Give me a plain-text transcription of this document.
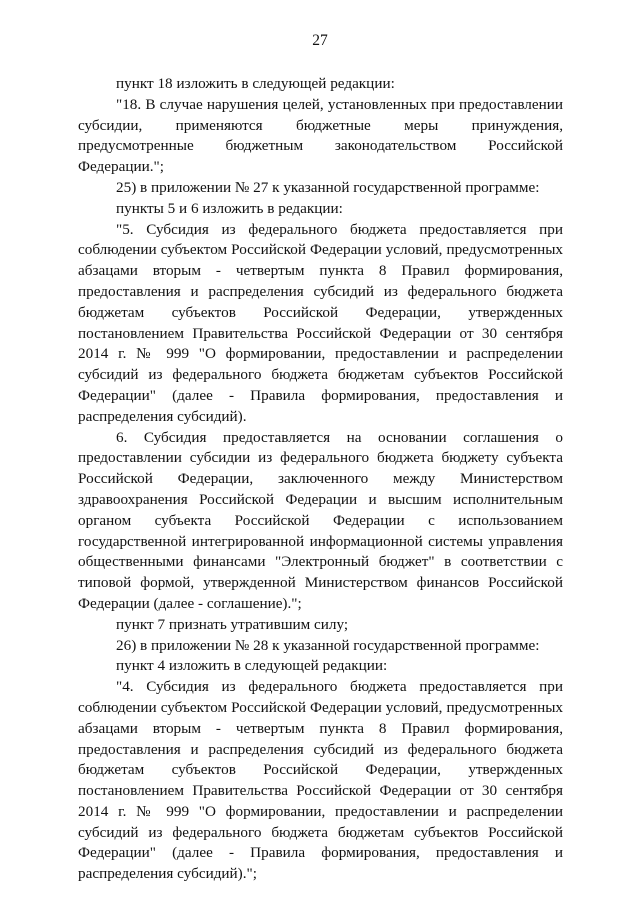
27

пункт 18 изложить в следующей редакции:

"18. В случае нарушения целей, установленных при предоставлении субсидии, применяются бюджетные меры принуждения, предусмотренные бюджетным законодательством Российской Федерации.";

25) в приложении № 27 к указанной государственной программе:

пункты 5 и 6 изложить в редакции:

"5. Субсидия из федерального бюджета предоставляется при соблюдении субъектом Российской Федерации условий, предусмотренных абзацами вторым - четвертым пункта 8 Правил формирования, предоставления и распределения субсидий из федерального бюджета бюджетам субъектов Российской Федерации, утвержденных постановлением Правительства Российской Федерации от 30 сентября 2014 г. № 999 "О формировании, предоставлении и распределении субсидий из федерального бюджета бюджетам субъектов Российской Федерации" (далее - Правила формирования, предоставления и распределения субсидий).

6. Субсидия предоставляется на основании соглашения о предоставлении субсидии из федерального бюджета бюджету субъекта Российской Федерации, заключенного между Министерством здравоохранения Российской Федерации и высшим исполнительным органом субъекта Российской Федерации с использованием государственной интегрированной информационной системы управления общественными финансами "Электронный бюджет" в соответствии с типовой формой, утвержденной Министерством финансов Российской Федерации (далее - соглашение).";

пункт 7 признать утратившим силу;

26) в приложении № 28 к указанной государственной программе:

пункт 4 изложить в следующей редакции:

"4. Субсидия из федерального бюджета предоставляется при соблюдении субъектом Российской Федерации условий, предусмотренных абзацами вторым - четвертым пункта 8 Правил формирования, предоставления и распределения субсидий из федерального бюджета бюджетам субъектов Российской Федерации, утвержденных постановлением Правительства Российской Федерации от 30 сентября 2014 г. № 999 "О формировании, предоставлении и распределении субсидий из федерального бюджета бюджетам субъектов Российской Федерации" (далее - Правила формирования, предоставления и распределения субсидий).";
